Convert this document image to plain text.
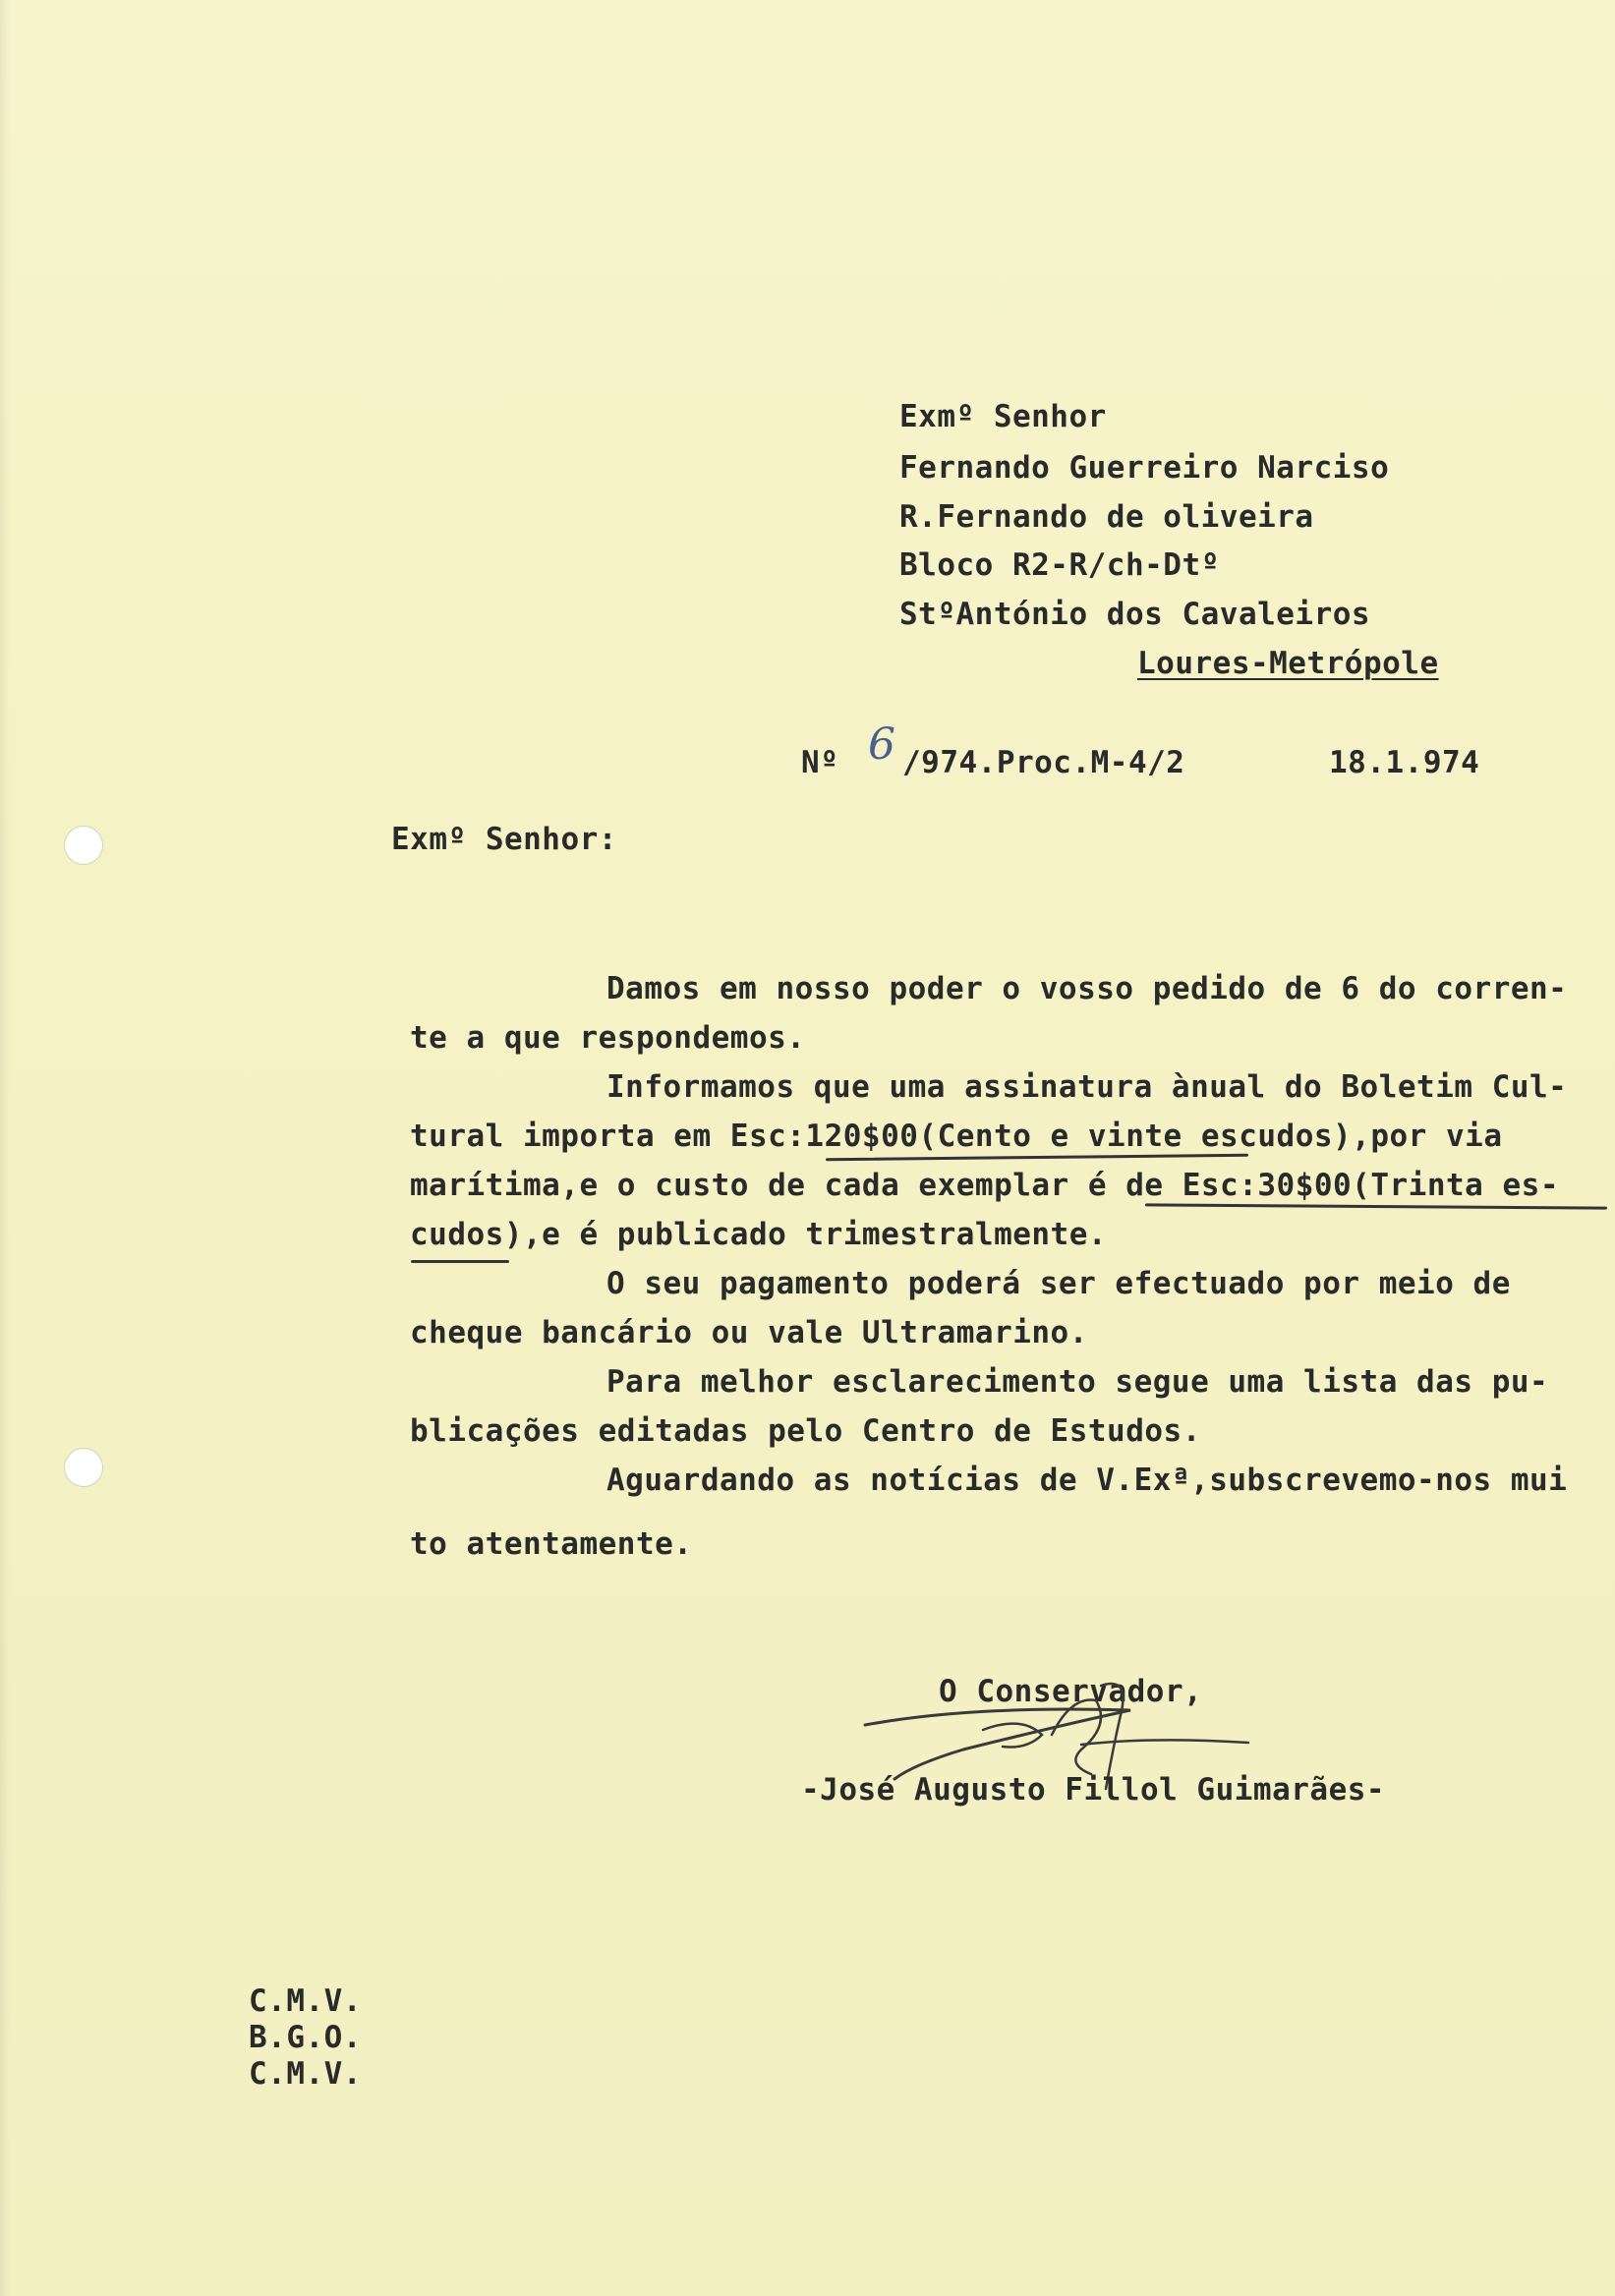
Exmº Senhor
Fernando Guerreiro Narciso
R.Fernando de oliveira
Bloco R2-R/ch-Dtº
StºAntónio dos Cavaleiros
Loures-Metrópole
Nº 6 /974.Proc.M-4/2	18.1.974
Exmº Senhor:
Damos em nosso poder o vosso pedido de 6 do corren-
te a que respondemos.
Informamos que uma assinatura ànual do Boletim Cul-
tural importa em Esc:120$00(Cento e vinte escudos),por via
marítima,e o custo de cada exemplar é de Esc:30$00(Trinta es-
cudos),e é publicado trimestralmente.
O seu pagamento poderá ser efectuado por meio de
cheque bancário ou vale Ultramarino.
Para melhor esclarecimento segue uma lista das pu-
blicações editadas pelo Centro de Estudos.
Aguardando as notícias de V.Exª,subscrevemo-nos mui
to atentamente.
O Conservador,
-José Augusto Fillol Guimarães-
C.M.V.
B.G.O.
C.M.V.
